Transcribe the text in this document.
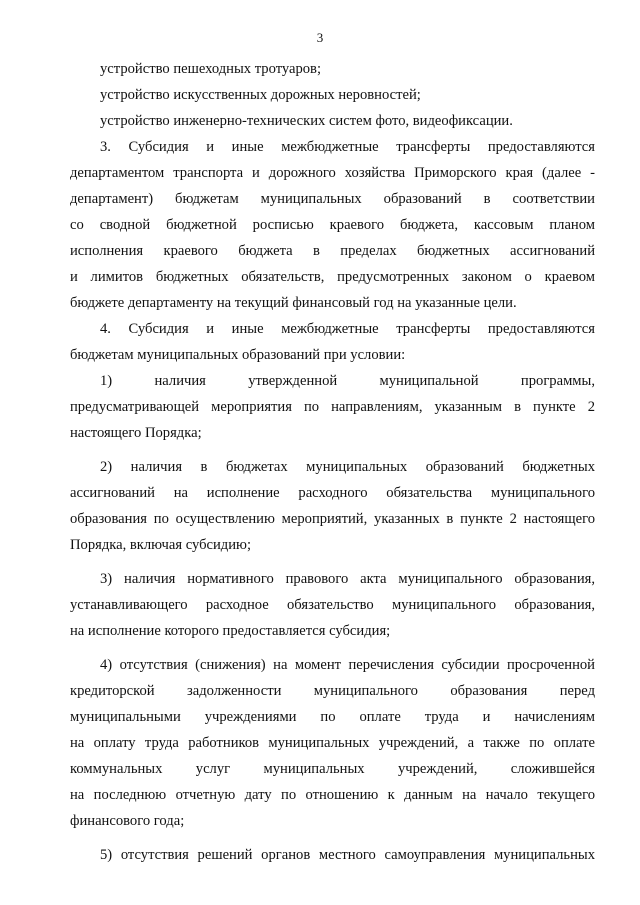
3
устройство пешеходных тротуаров;
устройство искусственных дорожных неровностей;
устройство инженерно-технических систем фото, видеофиксации.
3. Субсидия и иные межбюджетные трансферты предоставляются
департаментом транспорта и дорожного хозяйства Приморского края (далее -
департамент) бюджетам муниципальных образований в соответствии
со сводной бюджетной росписью краевого бюджета, кассовым планом
исполнения краевого бюджета в пределах бюджетных ассигнований
и лимитов бюджетных обязательств, предусмотренных законом о краевом
бюджете департаменту на текущий финансовый год на указанные цели.
4. Субсидия и иные межбюджетные трансферты предоставляются
бюджетам муниципальных образований при условии:
1) наличия утвержденной муниципальной программы,
предусматривающей мероприятия по направлениям, указанным в пункте 2
настоящего Порядка;
2) наличия в бюджетах муниципальных образований бюджетных
ассигнований на исполнение расходного обязательства муниципального
образования по осуществлению мероприятий, указанных в пункте 2 настоящего
Порядка, включая субсидию;
3) наличия нормативного правового акта муниципального образования,
устанавливающего расходное обязательство муниципального образования,
на исполнение которого предоставляется субсидия;
4) отсутствия (снижения) на момент перечисления субсидии просроченной
кредиторской задолженности муниципального образования перед
муниципальными учреждениями по оплате труда и начислениям
на оплату труда работников муниципальных учреждений, а также по оплате
коммунальных услуг муниципальных учреждений, сложившейся
на последнюю отчетную дату по отношению к данным на начало текущего
финансового года;
5) отсутствия решений органов местного самоуправления муниципальных
